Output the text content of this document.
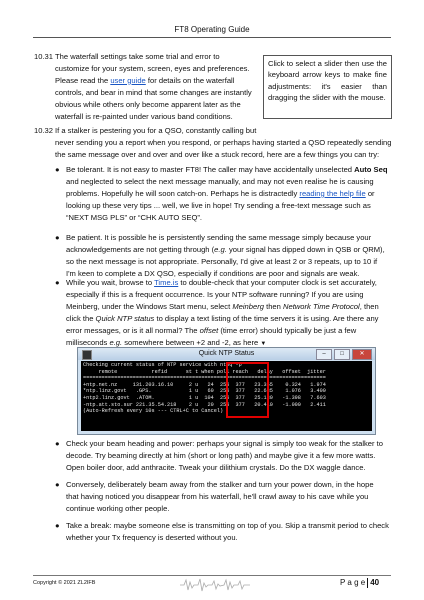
FT8 Operating Guide
10.31 The waterfall settings take some trial and error to
customize for your system, screen, eyes and preferences.
Please read the user guide for details on the waterfall
controls, and bear in mind that some changes are instantly
obvious while others only become apparent later as the
waterfall is re-painted under various band conditions.
Click to select a slider then use the keyboard arrow keys to make fine adjustments: it's easier than dragging the slider with the mouse.
10.32 If a stalker is pestering you for a QSO, constantly calling but
never sending you a report when you respond, or perhaps having started a QSO repeatedly sending
the same message over and over and over like a stuck record, here are a few things you can try:
● Be tolerant. It is not easy to master FT8! The caller may have accidentally unselected Auto Seq
and neglected to select the next message manually, and may not even realise he is causing
problems. Hopefully he will soon catch-on. Perhaps he is distractedly reading the help file or
looking up these very tips ... well, we live in hope! Try sending a free-text message such as
“NEXT MSG PLS” or “CHK AUTO SEQ”.
● Be patient. It is possible he is persistently sending the same message simply because your
acknowledgements are not getting through (e.g. your signal has dipped down in QSB or QRM),
so the next message is not appropriate. Personally, I'd give at least 2 or 3 repeats, up to 10 if
I'm keen to complete a DX QSO, especially if conditions are poor and signals are weak.
● While you wait, browse to Time.is to double-check that your computer clock is set accurately,
especially if this is a frequent occurrence. Is your NTP software running? If you are using
Meinberg, under the Windows Start menu, select Meinberg then Network Time Protocol, then
click the Quick NTP status to display a text listing of the time servers it is using. Are there any
error messages, or is it all normal? The offset (time error) should typically be just a few
milliseconds e.g. somewhere between +2 and -2, as here ▼
Quick NTP Status	–	□	✕
Checking current status of NTP service with ntpq -p
remote           refid      st t when poll reach   delay   offset  jitter
==============================================================================
+ntp.net.nz     131.203.16.10     2 u   24  256  377   23.355    0.324   1.974
*ntp.linz.govt   .GPS.            1 u   60  256  377   22.635    1.076   3.400
+ntp2.linz.govt  .ATOM.           1 u  104  256  377   25.130   -1.398   7.603
-ntp.att.sto.sur 221.35.54.218    2 u   20  256  377   20.410   -1.000   2.411
(Auto-Refresh every 10s --- CTRL+C to Cancel)
● Check your beam heading and power: perhaps your signal is simply too weak for the stalker to
decode. Try beaming directly at him (short or long path) and maybe give it a few more watts.
Open boiler door, add anthracite. Tweak your dilithium crystals. Do the DX waggle dance.
● Conversely, deliberately beam away from the stalker and turn your power down, in the hope
that having noticed you disappear from his waterfall, he'll crawl away to his cave while you
continue working other people.
● Take a break: maybe someone else is transmitting on top of you. Skip a transmit period to check
whether your Tx frequency is deserted without you.
Copyright © 2021 ZL2IFB	P a g e 40
